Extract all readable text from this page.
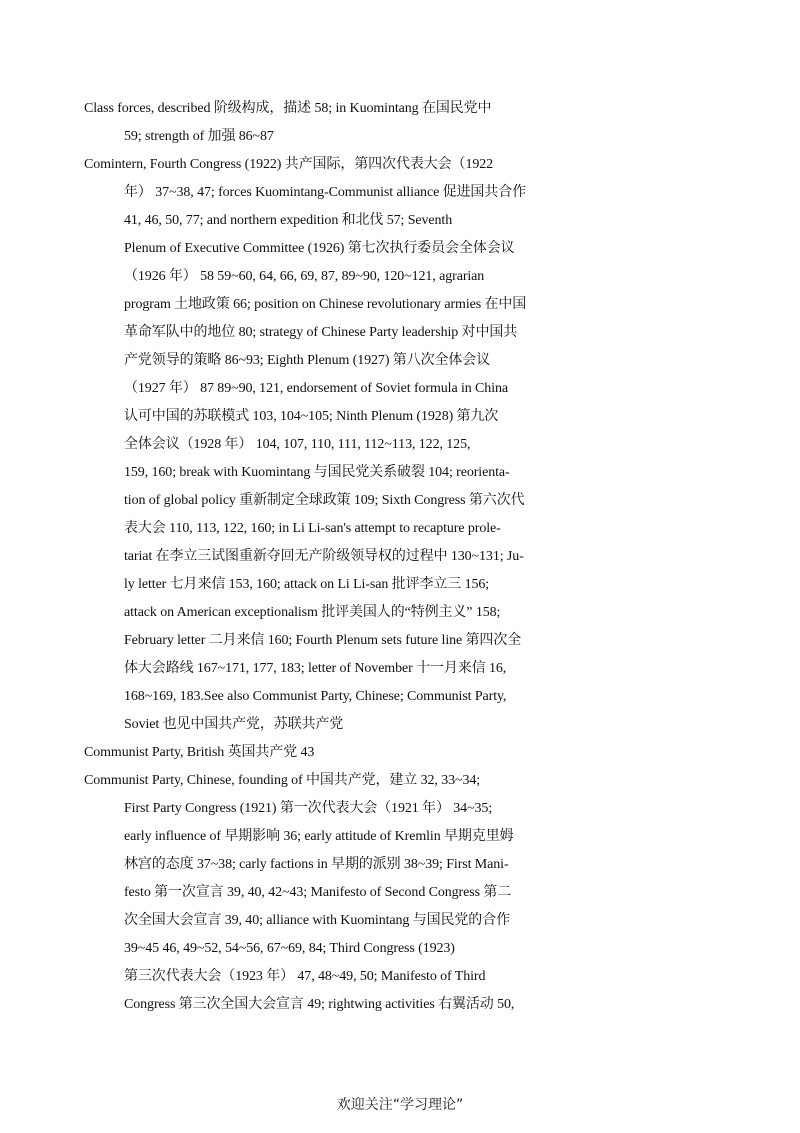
Class forces, described 阶级构成，描述 58; in Kuomintang 在国民党中
59; strength of 加强 86~87
Comintern, Fourth Congress (1922) 共产国际，第四次代表大会（1922
年） 37~38, 47; forces Kuomintang-Communist alliance 促进国共合作
41, 46, 50, 77; and northern expedition 和北伐 57; Seventh
Plenum of Executive Committee (1926) 第七次执行委员会全体会议
（1926 年） 58 59~60, 64, 66, 69, 87, 89~90, 120~121, agrarian
program 土地政策 66; position on Chinese revolutionary armies 在中国
革命军队中的地位 80; strategy of Chinese Party leadership 对中国共
产党领导的策略 86~93; Eighth Plenum (1927) 第八次全体会议
（1927 年） 87 89~90, 121, endorsement of Soviet formula in China
认可中国的苏联模式 103, 104~105; Ninth Plenum (1928) 第九次
全体会议（1928 年） 104, 107, 110, 111, 112~113, 122, 125,
159, 160; break with Kuomintang 与国民党关系破裂 104; reorienta-
tion of global policy 重新制定全球政策 109; Sixth Congress 第六次代
表大会 110, 113, 122, 160; in Li Li-san's attempt to recapture prole-
tariat 在李立三试图重新夺回无产阶级领导权的过程中 130~131; Ju-
ly letter 七月来信 153, 160; attack on Li Li-san 批评李立三 156;
attack on American exceptionalism 批评美国人的“特例主义” 158;
February letter 二月来信 160; Fourth Plenum sets future line 第四次全
体大会路线 167~171, 177, 183; letter of November 十一月来信 16,
168~169, 183.See also Communist Party, Chinese; Communist Party,
Soviet 也见中国共产党，苏联共产党
Communist Party, British 英国共产党 43
Communist Party, Chinese, founding of 中国共产党，建立 32, 33~34;
First Party Congress (1921) 第一次代表大会（1921 年） 34~35;
early influence of 早期影响 36; early attitude of Kremlin 早期克里姆
林宫的态度 37~38; carly factions in 早期的派别 38~39; First Mani-
festo 第一次宣言 39, 40, 42~43; Manifesto of Second Congress 第二
次全国大会宣言 39, 40; alliance with Kuomintang 与国民党的合作
39~45 46, 49~52, 54~56, 67~69, 84; Third Congress (1923)
第三次代表大会（1923 年） 47, 48~49, 50; Manifesto of Third
Congress 第三次全国大会宣言 49; rightwing activities 右翼活动 50,
欢迎关注“学习理论”
